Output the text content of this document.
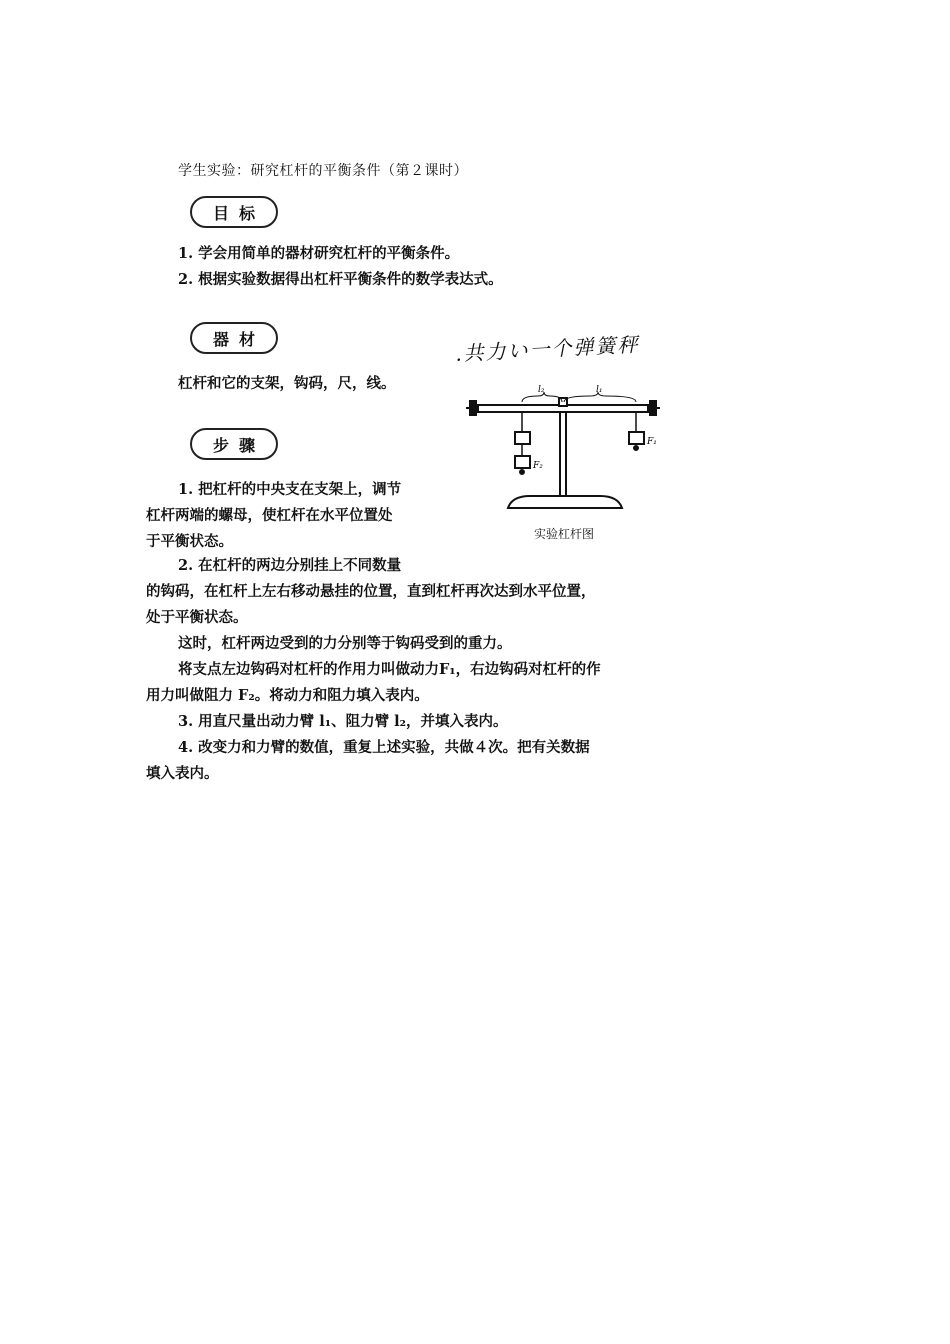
学生实验：研究杠杆的平衡条件（第２课时）
目标
1. 学会用简单的器材研究杠杆的平衡条件。
2. 根据实验数据得出杠杆平衡条件的数学表达式。
器材
杠杆和它的支架，钩码，尺，线。
.共力い一个弹簧秤
l₂	l₁
F₁
F₂
实验杠杆图
步骤
1. 把杠杆的中央支在支架上，调节
杠杆两端的螺母，使杠杆在水平位置处
于平衡状态。
2. 在杠杆的两边分别挂上不同数量
的钩码，在杠杆上左右移动悬挂的位置，直到杠杆再次达到水平位置，
处于平衡状态。
这时，杠杆两边受到的力分别等于钩码受到的重力。
将支点左边钩码对杠杆的作用力叫做动力F₁，右边钩码对杠杆的作
用力叫做阻力 F₂。将动力和阻力填入表内。
3. 用直尺量出动力臂 l₁、阻力臂 l₂，并填入表内。
4. 改变力和力臂的数值，重复上述实验，共做４次。把有关数据
填入表内。
